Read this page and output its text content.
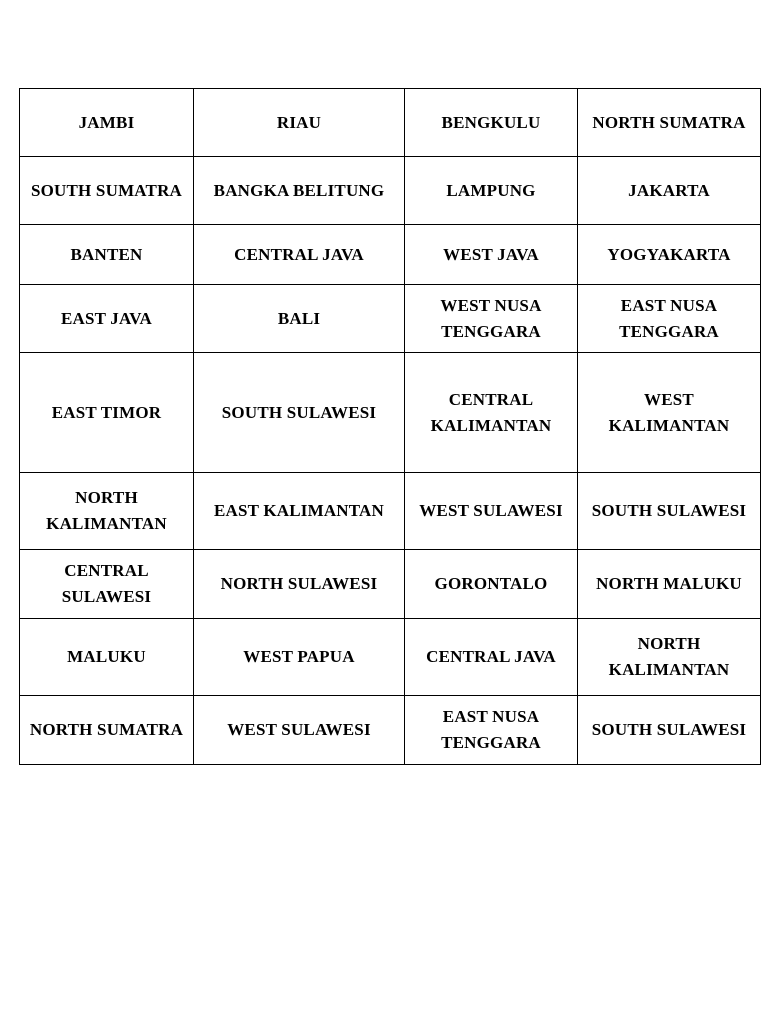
JAMBI	RIAU	BENGKULU	NORTH SUMATRA
SOUTH SUMATRA	BANGKA BELITUNG	LAMPUNG	JAKARTA
BANTEN	CENTRAL JAVA	WEST JAVA	YOGYAKARTA
EAST JAVA	BALI	WEST NUSA TENGGARA	EAST NUSA TENGGARA
EAST TIMOR	SOUTH SULAWESI	CENTRAL KALIMANTAN	WEST KALIMANTAN
NORTH KALIMANTAN	EAST KALIMANTAN	WEST SULAWESI	SOUTH SULAWESI
CENTRAL SULAWESI	NORTH SULAWESI	GORONTALO	NORTH MALUKU
MALUKU	WEST PAPUA	CENTRAL JAVA	NORTH KALIMANTAN
NORTH SUMATRA	WEST SULAWESI	EAST NUSA TENGGARA	SOUTH SULAWESI
